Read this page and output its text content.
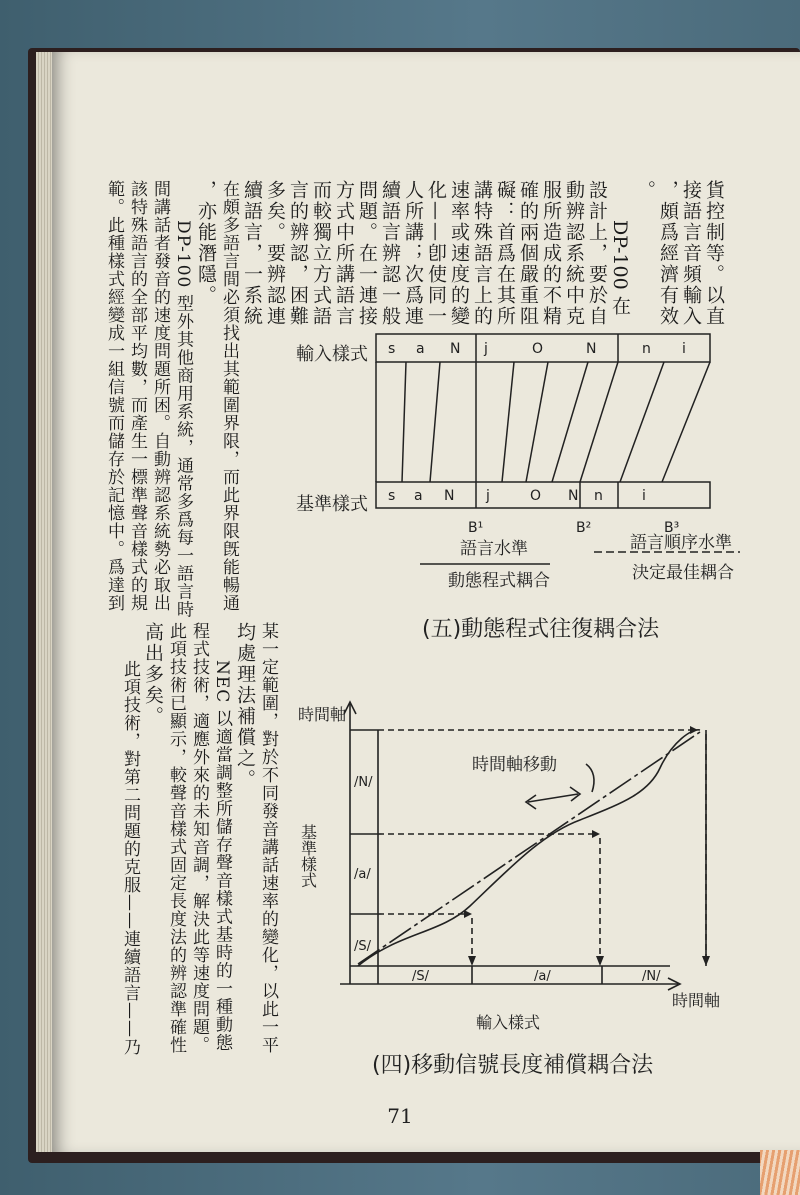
貨控制等。以直

接語言音頻輸入

，頗爲經濟有效

。

DP-100 在

設計上，要於自

動辨認系統中克

服所造成的不精

確的兩個嚴重阻

礙：首爲在其所

講特殊語言上的

速率或速度的變

化——卽使同一

人所講；次爲連

續語言辨認一般

問題。在一連接

方式中所講語言

而較獨立方式語

言的辨認，困難

多矣。要辨認連

續語言，一系統

在頗多語言間必須找出其範圍界限，而此界限旣能暢通

，亦能潛隱。

DP-100 型外其他商用系統，通常多爲每一語言時

間講話者發音的速度問題所困。自動辨認系統勢必取出

該特殊語言的全部平均數，而產生一標準聲音樣式的規

範。此種樣式經變成一組信號而儲存於記憶中。爲達到

某一定範圍，對於不同發音講話速率的變化，以此一平

均處理法補償之。

NEC 以適當調整所儲存聲音樣式基時的一種動態

程式技術，適應外來的未知音調，解決此等速度問題。

此項技術已顯示，較聲音樣式固定長度法的辨認準確性

高出多矣。

此項技術，對第二問題的克服——連續語言——乃

輸入樣式
基準樣式
s a N j	O	N	n i
s a N j	O N n	i
B¹	B²	B³
語言水準	語言順序水準
動態程式耦合	決定最佳耦合
(五)動態程式往復耦合法
時間軸
時間軸
輸入樣式
基準樣式
時間軸移動
/N/
/a/
/S/
/S/	/a/	/N/
(四)移動信號長度補償耦合法
71
